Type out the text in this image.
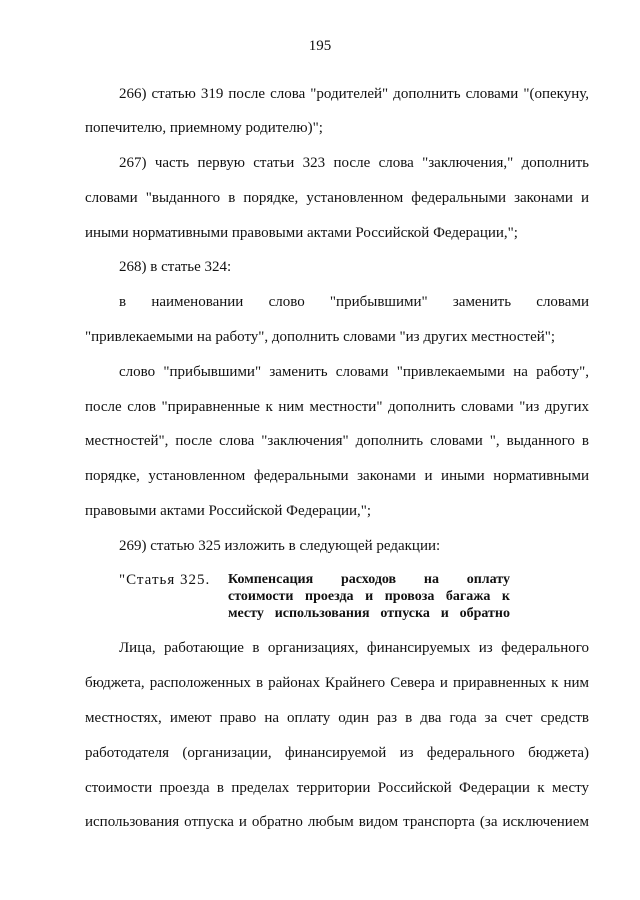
195
266) статью 319 после слова "родителей" дополнить словами "(опекуну,
попечителю, приемному родителю)";
267) часть первую статьи 323 после слова "заключения," дополнить
словами "выданного в порядке, установленном федеральными законами и
иными нормативными правовыми актами Российской Федерации,";
268) в статье 324:
в наименовании слово "прибывшими" заменить словами
"привлекаемыми на работу", дополнить словами "из других местностей";
слово "прибывшими" заменить словами "привлекаемыми на работу",
после слов "приравненные к ним местности" дополнить словами "из других
местностей", после слова "заключения" дополнить словами ", выданного в
порядке, установленном федеральными законами и иными нормативными
правовыми актами Российской Федерации,";
269) статью 325 изложить в следующей редакции:
"Статья 325. Компенсация расходов на оплату
стоимости проезда и провоза багажа к
месту использования отпуска и обратно
Лица, работающие в организациях, финансируемых из федерального
бюджета, расположенных в районах Крайнего Севера и приравненных к ним
местностях, имеют право на оплату один раз в два года за счет средств
работодателя (организации, финансируемой из федерального бюджета)
стоимости проезда в пределах территории Российской Федерации к месту
использования отпуска и обратно любым видом транспорта (за исключением
